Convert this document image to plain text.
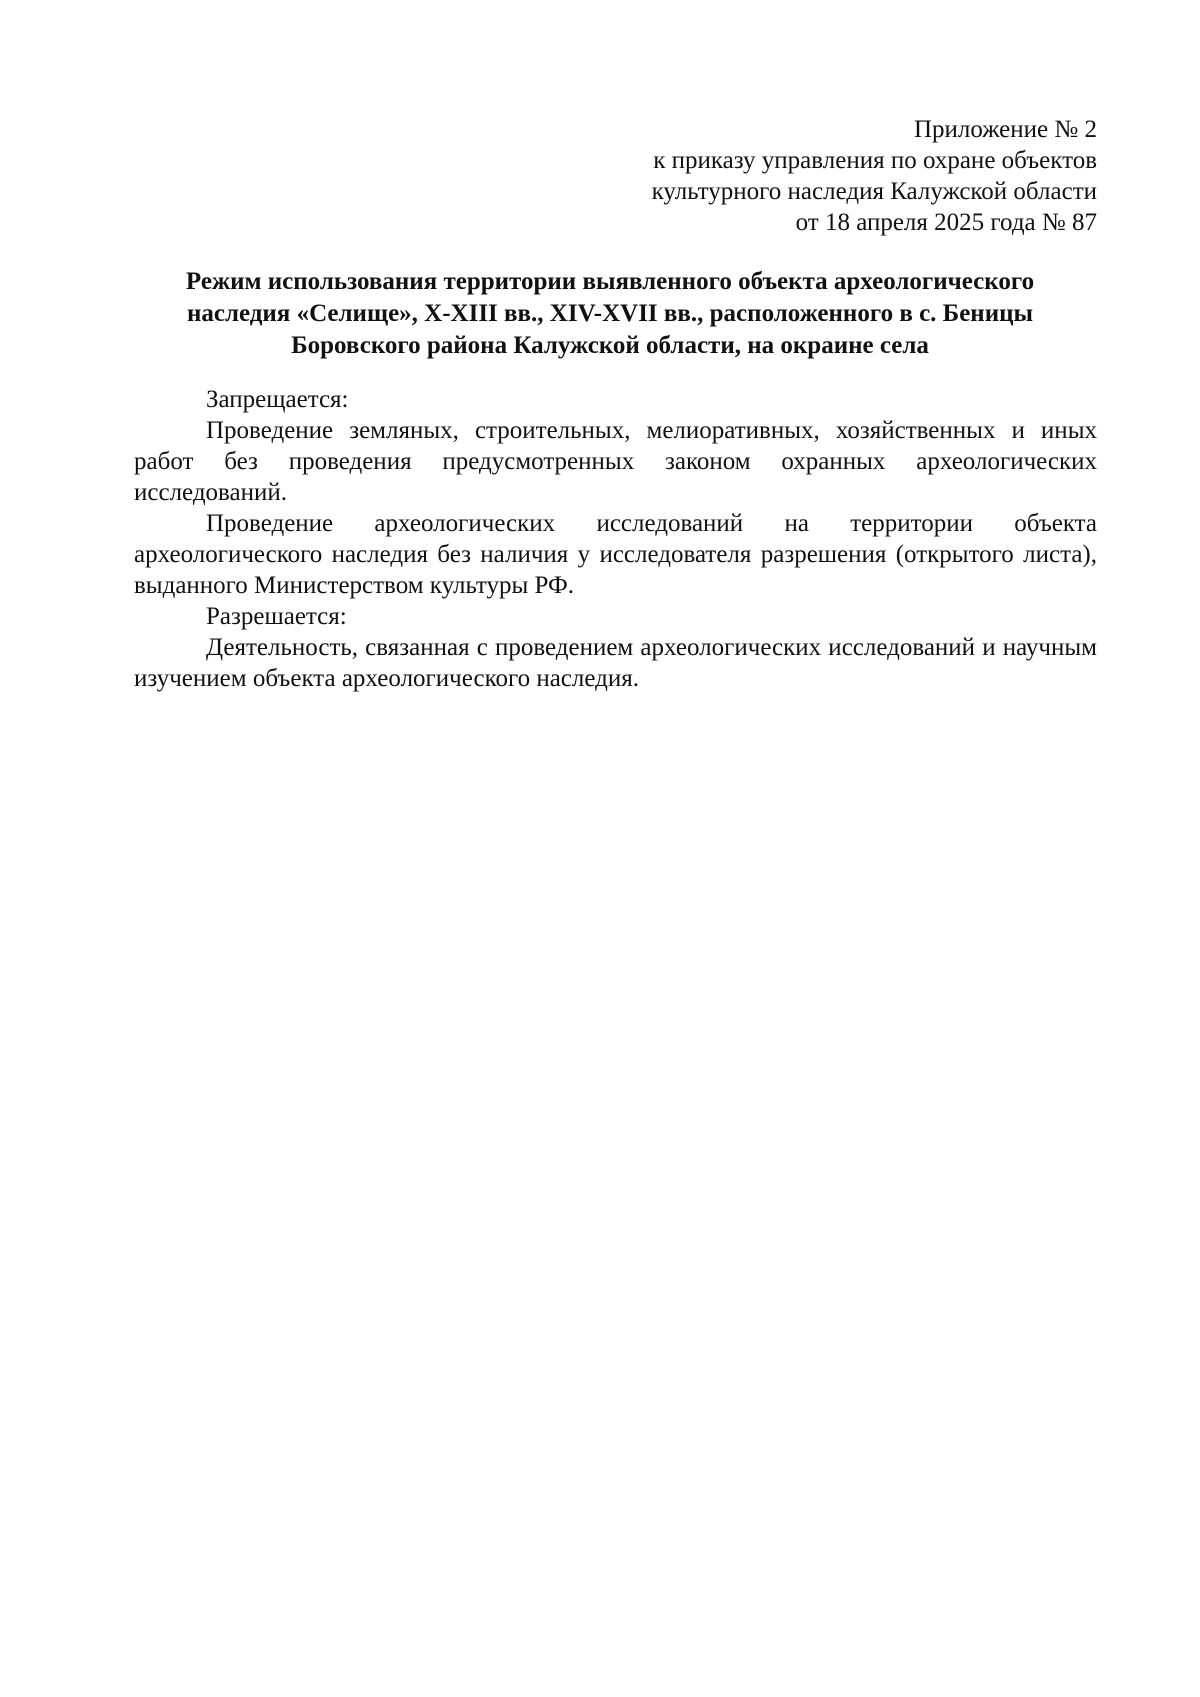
Приложение № 2
к приказу управления по охране объектов
культурного наследия Калужской области
от 18 апреля 2025 года № 87
Режим использования территории выявленного объекта археологического
наследия «Селище», X-XIII вв., XIV-XVII вв., расположенного в с. Беницы
Боровского района Калужской области, на окраине села

Запрещается:

Проведение земляных, строительных, мелиоративных, хозяйственных и иных работ без проведения предусмотренных законом охранных археологических исследований.

Проведение археологических исследований на территории объекта археологического наследия без наличия у исследователя разрешения (открытого листа), выданного Министерством культуры РФ.

Разрешается:

Деятельность, связанная с проведением археологических исследований и научным изучением объекта археологического наследия.
